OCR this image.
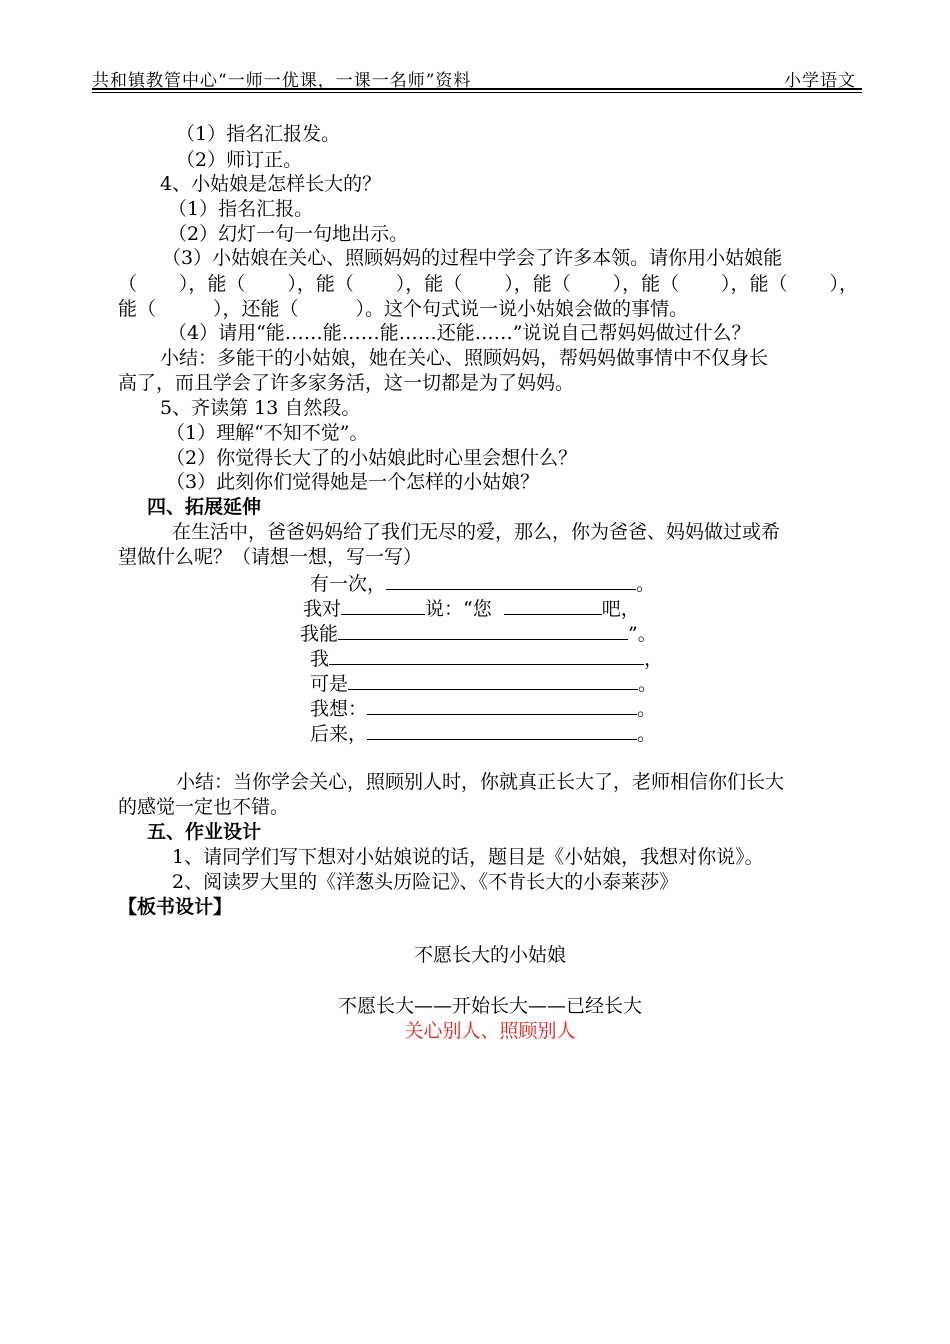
共和镇教管中心“一师一优课，一课一名师”资料	小学语文
（1）指名汇报发。
（2）师订正。
4、小姑娘是怎样长大的？
（1）指名汇报。
（2）幻灯一句一句地出示。
（3）小姑娘在关心、照顾妈妈的过程中学会了许多本领。请你用小姑娘能
（ ），能（ ），能（ ），能（ ），能（ ），能（ ），能（ ），
能（　　　），还能（　　　）。这个句式说一说小姑娘会做的事情。
（4）请用“能……能……能……还能……”说说自己帮妈妈做过什么？
小结：多能干的小姑娘，她在关心、照顾妈妈，帮妈妈做事情中不仅身长
高了，而且学会了许多家务活，这一切都是为了妈妈。
5、齐读第 13 自然段。
（1）理解“不知不觉”。
（2）你觉得长大了的小姑娘此时心里会想什么？
（3）此刻你们觉得她是一个怎样的小姑娘？
四、拓展延伸
在生活中，爸爸妈妈给了我们无尽的爱，那么，你为爸爸、妈妈做过或希
望做什么呢？（请想一想，写一写）
有一次，	。
我对	说：“您	吧，
我能	”。
我	，
可是	。
我想：	。
后来，	。
小结：当你学会关心，照顾别人时，你就真正长大了，老师相信你们长大
的感觉一定也不错。
五、作业设计
1、请同学们写下想对小姑娘说的话，题目是《小姑娘，我想对你说》。
2、阅读罗大里的《洋葱头历险记》、《不肯长大的小泰莱莎》
【板书设计】
不愿长大的小姑娘
不愿长大——开始长大——已经长大
关心别人、照顾别人
